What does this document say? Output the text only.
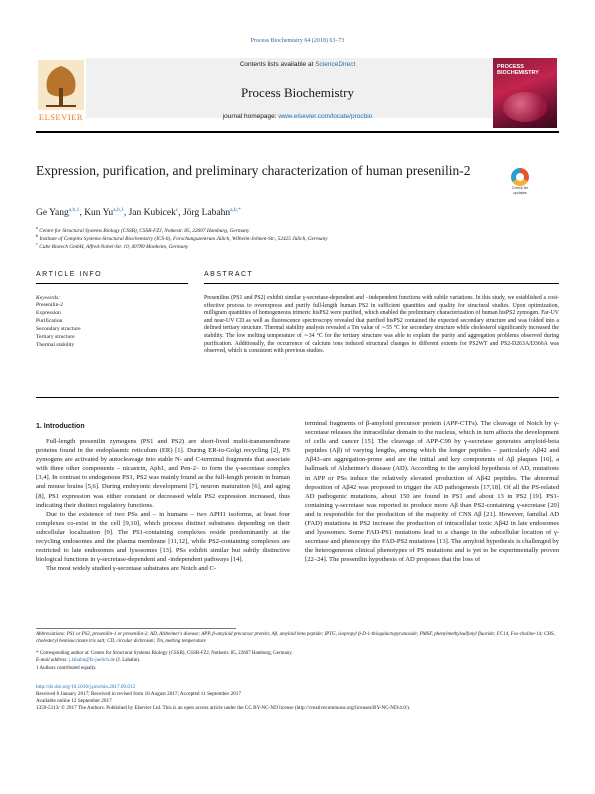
Process Biochemistry 64 (2018) 63–73
ELSEVIER
Contents lists available at ScienceDirect
Process Biochemistry
journal homepage: www.elsevier.com/locate/procbio
PROCESS BIOCHEMISTRY
Expression, purification, and preliminary characterization of human presenilin-2
Check for updates
Ge Yang$^{a,b,1}$, Kun Yu$^{a,b,1}$, Jan Kubicek$^c$, Jörg Labahn$^{a,b,*}$
$^a$ Centre for Structural Systems Biology (CSSB), CSSB-FZJ, Notkestr. 85, 22607 Hamburg, Germany
$^b$ Institute of Complex Systems-Structural Biochemistry (ICS-6), Forschungszentrum Jülich, Wilhelm-Johnen-Str., 52425 Jülich, Germany
$^c$ Cube Biotech GmbH, Alfred-Nobel-Str. 10, 40789 Monheim, Germany
ARTICLE INFO	ABSTRACT
Keywords:
Presenilin-2
Expression
Purification
Secondary structure
Tertiary structure
Thermal stability
Presenilins (PS1 and PS2) exhibit similar γ-secretase-dependent and −independent functions with subtle variations. In this study, we established a cost-effective process to overexpress and purify full-length human PS2 in sufficient quantities and quality for structural studies. Upon optimization, milligram quantities of homogeneous trimeric hisPS2 were purified, which enabled the preliminary characterization of human hisPS2 zymogen. Far-UV and near-UV CD as well as fluorescence spectroscopy revealed that purified hisPS2 contained the expected secondary structure and was folded into a defined tertiary structure. Thermal stability analysis revealed a Tm value of ∼55 °C for secondary structure while cholesterol significantly increased the stability. The low melting temperature of ∼34 °C for the tertiary structure was able to explain the purity and aggregation problems observed during purification. Additionally, the occurrence of calcium ions induced structural changes to different extents for PS2WT and PS2-D263A/D366A was observed, which is consistent with previous studies.
1. Introduction

Full-length presenilin zymogens (PS1 and PS2) are short-lived multi-transmembrane proteins found in the endoplasmic reticulum (ER) [1]. During ER-to-Golgi recycling [2], PS zymogens are activated by autocleavage into stable N- and C-terminal fragments that associate with three other components – nicastrin, Aph1, and Pen-2– to form the γ-secretase complex [3,4]. In contrast to endogenous PS1, PS2 was mainly found as the full-length protein in human and mouse brains [5,6]. During embryonic development [7], neuron maturation [6], and aging [8], PS1 expression was either constant or decreased while PS2 expression increased, thus indicating their distinct regulatory functions.

Due to the existence of two PSs and – in humans – two APH1 isoforms, at least four complexes co-exist in the cell [9,10], which process distinct substrates depending on their subcellular localization [9]. The PS1-containing complexes reside predominantly at the recycling endosomes and the plasma membrane [11,12], while PS2-containing complexes are restricted to late endosomes and lysosomes [13]. PSs exhibit similar but subtly distinctive biological functions in γ-secretase-dependent and -independent pathways [14].

The most widely studied γ-secretase substrates are Notch and C-

terminal fragments of β-amyloid precursor protein (APP-CTFs). The cleavage of Notch by γ-secretase releases the intracellular domain to the nucleus, which in turn affects the development of cells and cancer [15]. The cleavage of APP-C99 by γ-secretase generates amyloid-beta peptides (Aβ) of varying lengths, among which the longer peptides – particularly Aβ42 and Aβ43–are aggregation-prone and are the initial and key components of Aβ plaques [16], a hallmark of Alzheimer's disease (AD). According to the amyloid hypothesis of AD, mutations in APP or PSs induce the relatively elevated production of Aβ42 peptides. The abnormal deposition of Aβ42 was proposed to trigger the AD pathogenesis [17,18]. Of all the PS-related AD pathogenic mutations, about 150 are found in PS1 and about 13 in PS2 [19]. PS1-containing γ-secretase was reported to produce more Aβ than PS2-containing γ-secretase [20] and is responsible for the production of the majority of CNS Aβ [21]. However, familial AD (FAD) mutations in PS2 increase the production of intracellular toxic Aβ42 in late endosomes and lysosomes. Some FAD-PS1 mutations lead to a change in the subcellular location of γ-secretase and phenocopy the FAD-PS2 mutations [13]. The amyloid hypothesis is challenged by the heterogeneous clinical phenotypes of PS mutations and is yet to be experimentally proven [22–24]. The presenilin hypothesis of AD proposes that the loss of

Abbreviations: PS1 or PS2, presenilin-1 or presenilin-2; AD, Alzheimer's disease; APP, β-amyloid precursor protein; Aβ, amyloid beta peptide; IPTG, isopropyl β-D-1-thiogalactopyranoside; PMSF, phenylmethylsulfonyl fluoride; FC14, Fos-choline-14; CHS, cholesteryl hemisuccinate tris salt; CD, circular dichroism; Tm, melting temperature
* Corresponding author at: Centre for Structural Systems Biology (CSSB), CSSB-FZJ, Notkestr. 85, 22607 Hamburg, Germany.
E-mail address: j.labahn@fz-juelich.de (J. Labahn).
1 Authors contributed equally.
http://dx.doi.org/10.1016/j.procbio.2017.09.012
Received 6 January 2017; Received in revised form 18 August 2017; Accepted 11 September 2017
Available online 12 September 2017
1359-5113/ © 2017 The Authors. Published by Elsevier Ltd. This is an open access article under the CC BY-NC-ND license (http://creativecommons.org/licenses/BY-NC-ND/4.0/).
